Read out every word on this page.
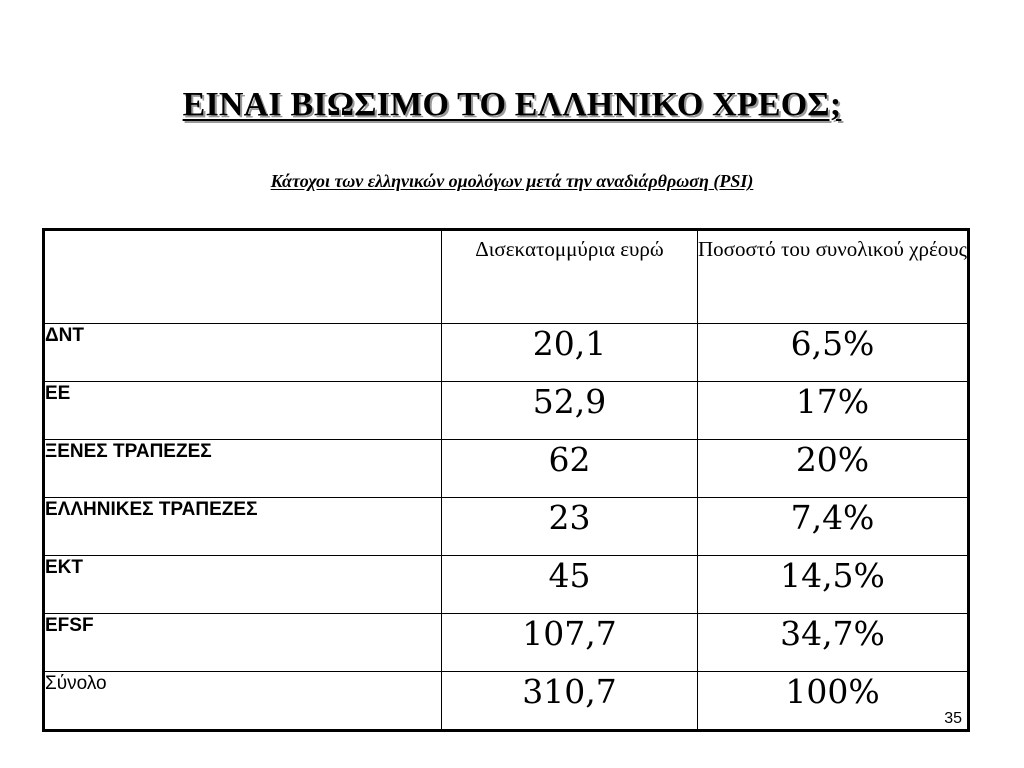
ΕΙΝΑΙ ΒΙΩΣΙΜΟ ΤΟ ΕΛΛΗΝΙΚΟ ΧΡΕΟΣ;
Κάτοχοι των ελληνικών ομολόγων μετά την αναδιάρθρωση (PSI)
	Δισεκατομμύρια ευρώ	Ποσοστό του συνολικού χρέους
ΔΝΤ	20,1	6,5%
ΕΕ	52,9	17%
ΞΕΝΕΣ ΤΡΑΠΕΖΕΣ	62	20%
ΕΛΛΗΝΙΚΕΣ ΤΡΑΠΕΖΕΣ	23	7,4%
ΕΚΤ	45	14,5%
EFSF	107,7	34,7%
Σύνολο	310,7	100%
35
